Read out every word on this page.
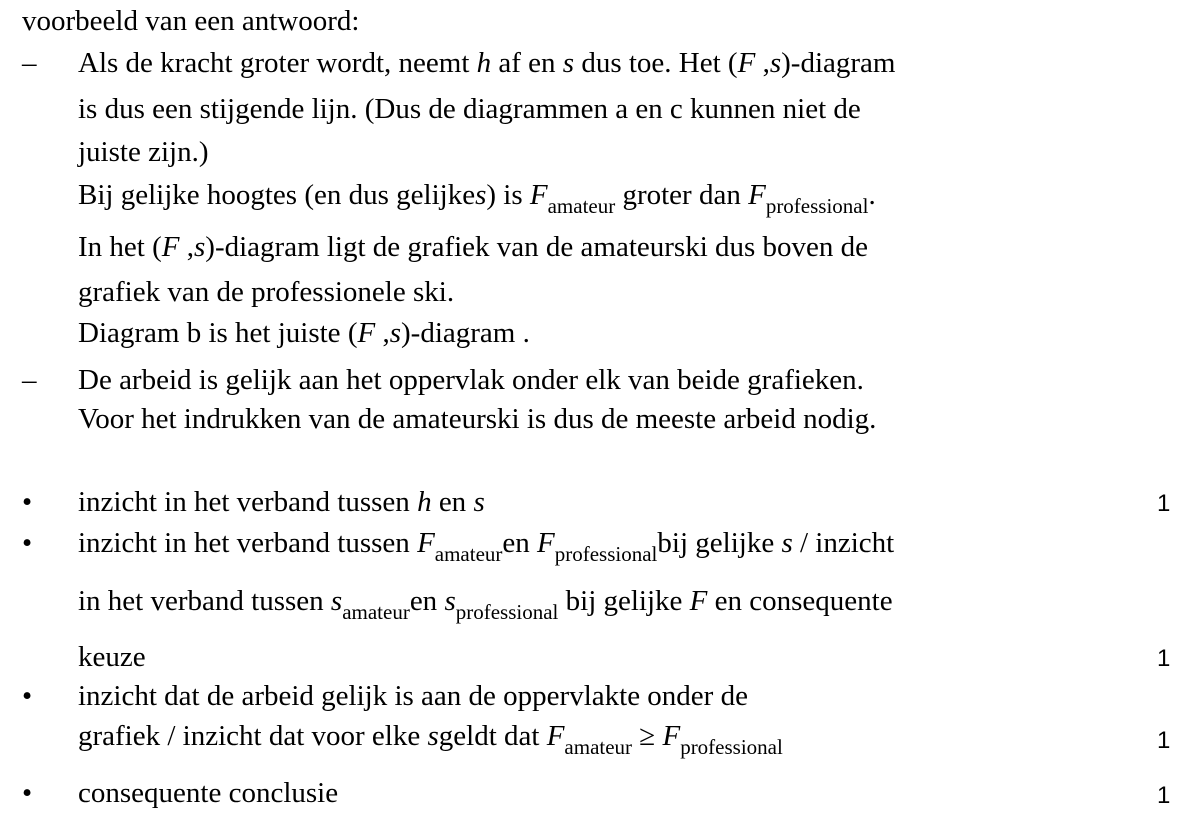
voorbeeld van een antwoord:
– Als de kracht groter wordt, neemt h af en s dus toe. Het (F ,s)-diagram
is dus een stijgende lijn. (Dus de diagrammen a en c kunnen niet de
juiste zijn.)
Bij gelijke hoogtes (en dus gelijkes) is $F_{amateur}$ groter dan $F_{professional}$.
In het (F ,s)-diagram ligt de grafiek van de amateurski dus boven de
grafiek van de professionele ski.
Diagram b is het juiste (F ,s)-diagram .
– De arbeid is gelijk aan het oppervlak onder elk van beide grafieken.
Voor het indrukken van de amateurski is dus de meeste arbeid nodig.
• inzicht in het verband tussen h en s	1
• inzicht in het verband tussen $F_{amateur}en$ $F_{professional}bij$ gelijke s / inzicht
in het verband tussen $s_{amateur}en$ $s_{professional}$ bij gelijke F en consequente
keuze	1
• inzicht dat de arbeid gelijk is aan de oppervlakte onder de
grafiek / inzicht dat voor elke sgeldt dat $F_{amateur} \ge F_{professional}$	1
• consequente conclusie	1
